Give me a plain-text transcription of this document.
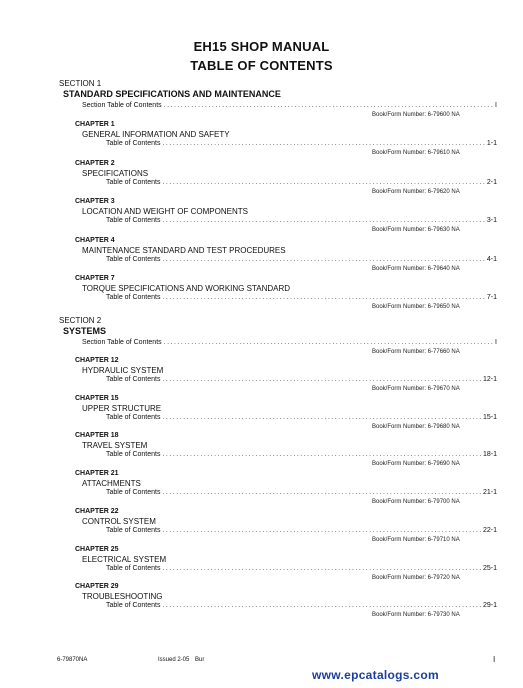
EH15 SHOP MANUAL
TABLE OF CONTENTS
SECTION 1
STANDARD SPECIFICATIONS AND MAINTENANCE
Section Table of Contents .....	I
Book/Form Number: 6-79600 NA
CHAPTER 1
GENERAL INFORMATION AND SAFETY
Table of Contents .....	1-1
Book/Form Number: 6-79610 NA
CHAPTER 2
SPECIFICATIONS
Table of Contents .....	2-1
Book/Form Number: 6-79620 NA
CHAPTER 3
LOCATION AND WEIGHT OF COMPONENTS
Table of Contents .....	3-1
Book/Form Number: 6-79630 NA
CHAPTER 4
MAINTENANCE STANDARD AND TEST PROCEDURES
Table of Contents .....	4-1
Book/Form Number: 6-79640 NA
CHAPTER 7
TORQUE SPECIFICATIONS AND WORKING STANDARD
Table of Contents .....	7-1
Book/Form Number: 6-79650 NA
SECTION 2
SYSTEMS
Section Table of Contents .....	I
Book/Form Number: 6-77660 NA
CHAPTER 12
HYDRAULIC SYSTEM
Table of Contents .....	12-1
Book/Form Number: 6-79670 NA
CHAPTER 15
UPPER STRUCTURE
Table of Contents .....	15-1
Book/Form Number: 6-79680 NA
CHAPTER 18
TRAVEL SYSTEM
Table of Contents .....	18-1
Book/Form Number: 6-79690 NA
CHAPTER 21
ATTACHMENTS
Table of Contents .....	21-1
Book/Form Number: 6-79700 NA
CHAPTER 22
CONTROL SYSTEM
Table of Contents .....	22-1
Book/Form Number: 6-79710 NA
CHAPTER 25
ELECTRICAL SYSTEM
Table of Contents .....	25-1
Book/Form Number: 6-79720 NA
CHAPTER 29
TROUBLESHOOTING
Table of Contents .....	29-1
Book/Form Number: 6-79730 NA
6-79870NA	Issued 2-05 Bur	I
www.epcatalogs.com
